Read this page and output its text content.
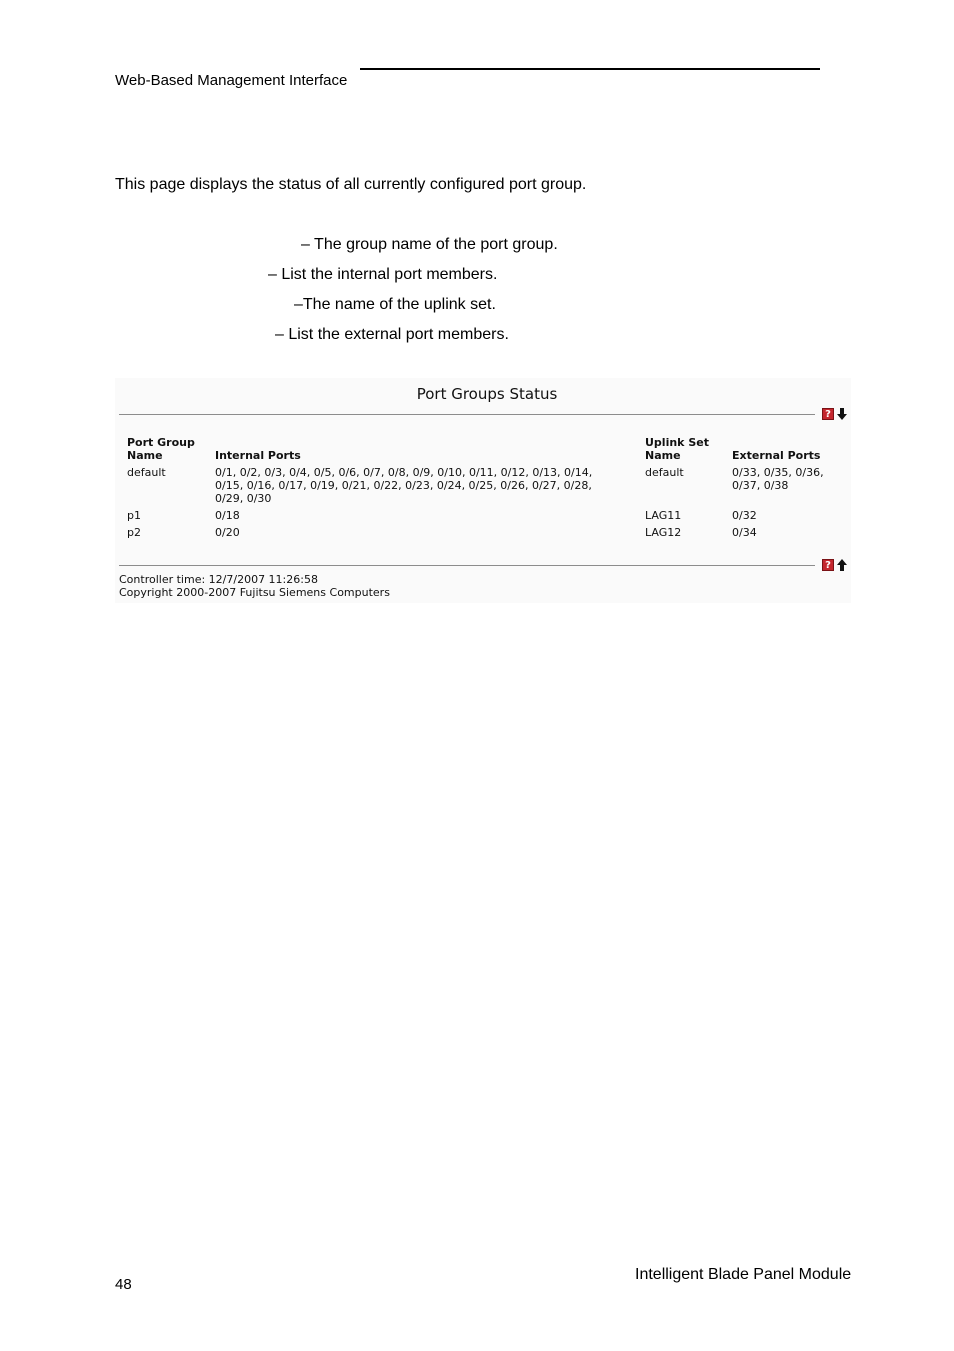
Web-Based Management Interface
This page displays the status of all currently configured port group.
– The group name of the port group.
– List the internal port members.
–The name of the uplink set.
– List the external port members.
Port Groups Status
?
Port Group Name	Internal Ports	Uplink Set Name	External Ports
default	0/1, 0/2, 0/3, 0/4, 0/5, 0/6, 0/7, 0/8, 0/9, 0/10, 0/11, 0/12, 0/13, 0/14, 0/15, 0/16, 0/17, 0/19, 0/21, 0/22, 0/23, 0/24, 0/25, 0/26, 0/27, 0/28, 0/29, 0/30	default	0/33, 0/35, 0/36, 0/37, 0/38
p1	0/18	LAG11	0/32
p2	0/20	LAG12	0/34
?
Controller time: 12/7/2007 11:26:58
Copyright 2000-2007 Fujitsu Siemens Computers
48
Intelligent Blade Panel Module
